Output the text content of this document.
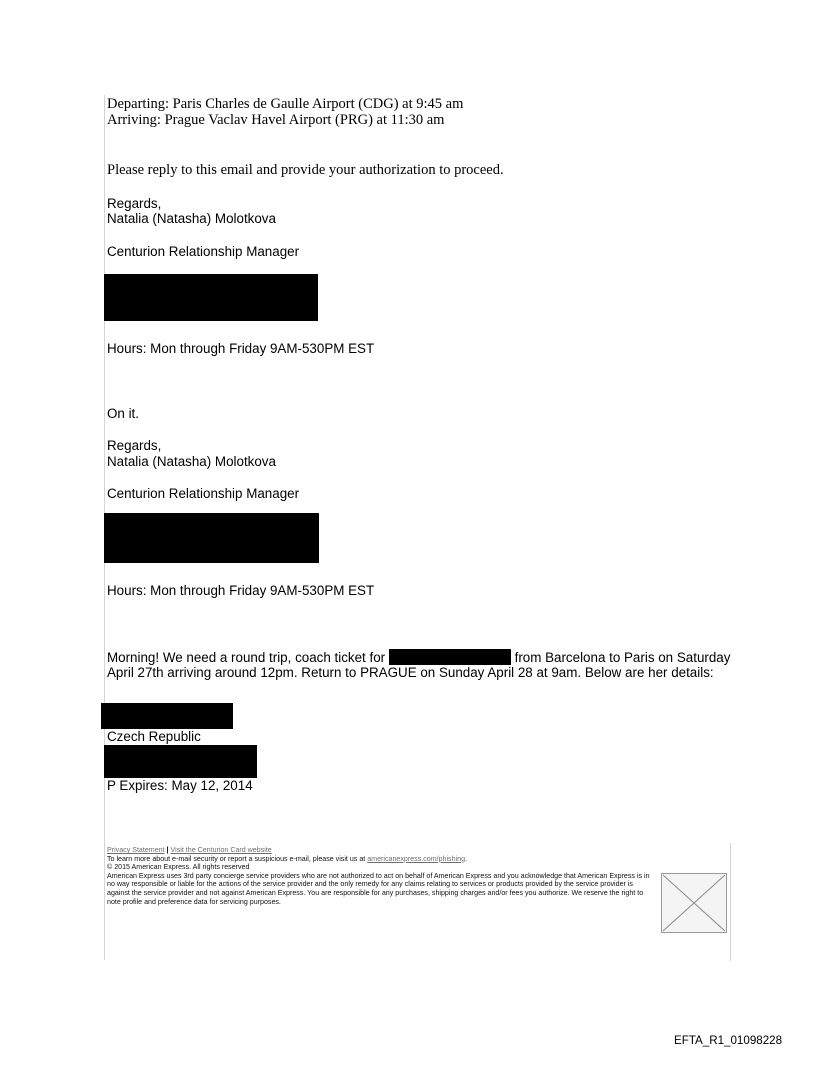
Departing: Paris Charles de Gaulle Airport (CDG) at 9:45 am
Arriving: Prague Vaclav Havel Airport (PRG) at 11:30 am
Please reply to this email and provide your authorization to proceed.
Regards,
Natalia (Natasha) Molotkova
Centurion Relationship Manager
Hours: Mon through Friday 9AM-530PM EST
On it.
Regards,
Natalia (Natasha) Molotkova
Centurion Relationship Manager
Hours: Mon through Friday 9AM-530PM EST
Morning! We need a round trip, coach ticket for	from Barcelona to Paris on Saturday April 27th arriving around 12pm. Return to PRAGUE on Sunday April 28 at 9am. Below are her details:
Czech Republic
P Expires: May 12, 2014
Privacy Statement | Visit the Centurion Card website
To learn more about e-mail security or report a suspicious e-mail, please visit us at americanexpress.com/phishing.
© 2015 American Express. All rights reserved
American Express uses 3rd party concierge service providers who are not authorized to act on behalf of American Express and you acknowledge that American Express is in no way responsible or liable for the actions of the service provider and the only remedy for any claims relating to services or products provided by the service provider is against the service provider and not against American Express. You are responsible for any purchases, shipping charges and/or fees you authorize. We reserve the right to note profile and preference data for servicing purposes.
EFTA_R1_01098228
